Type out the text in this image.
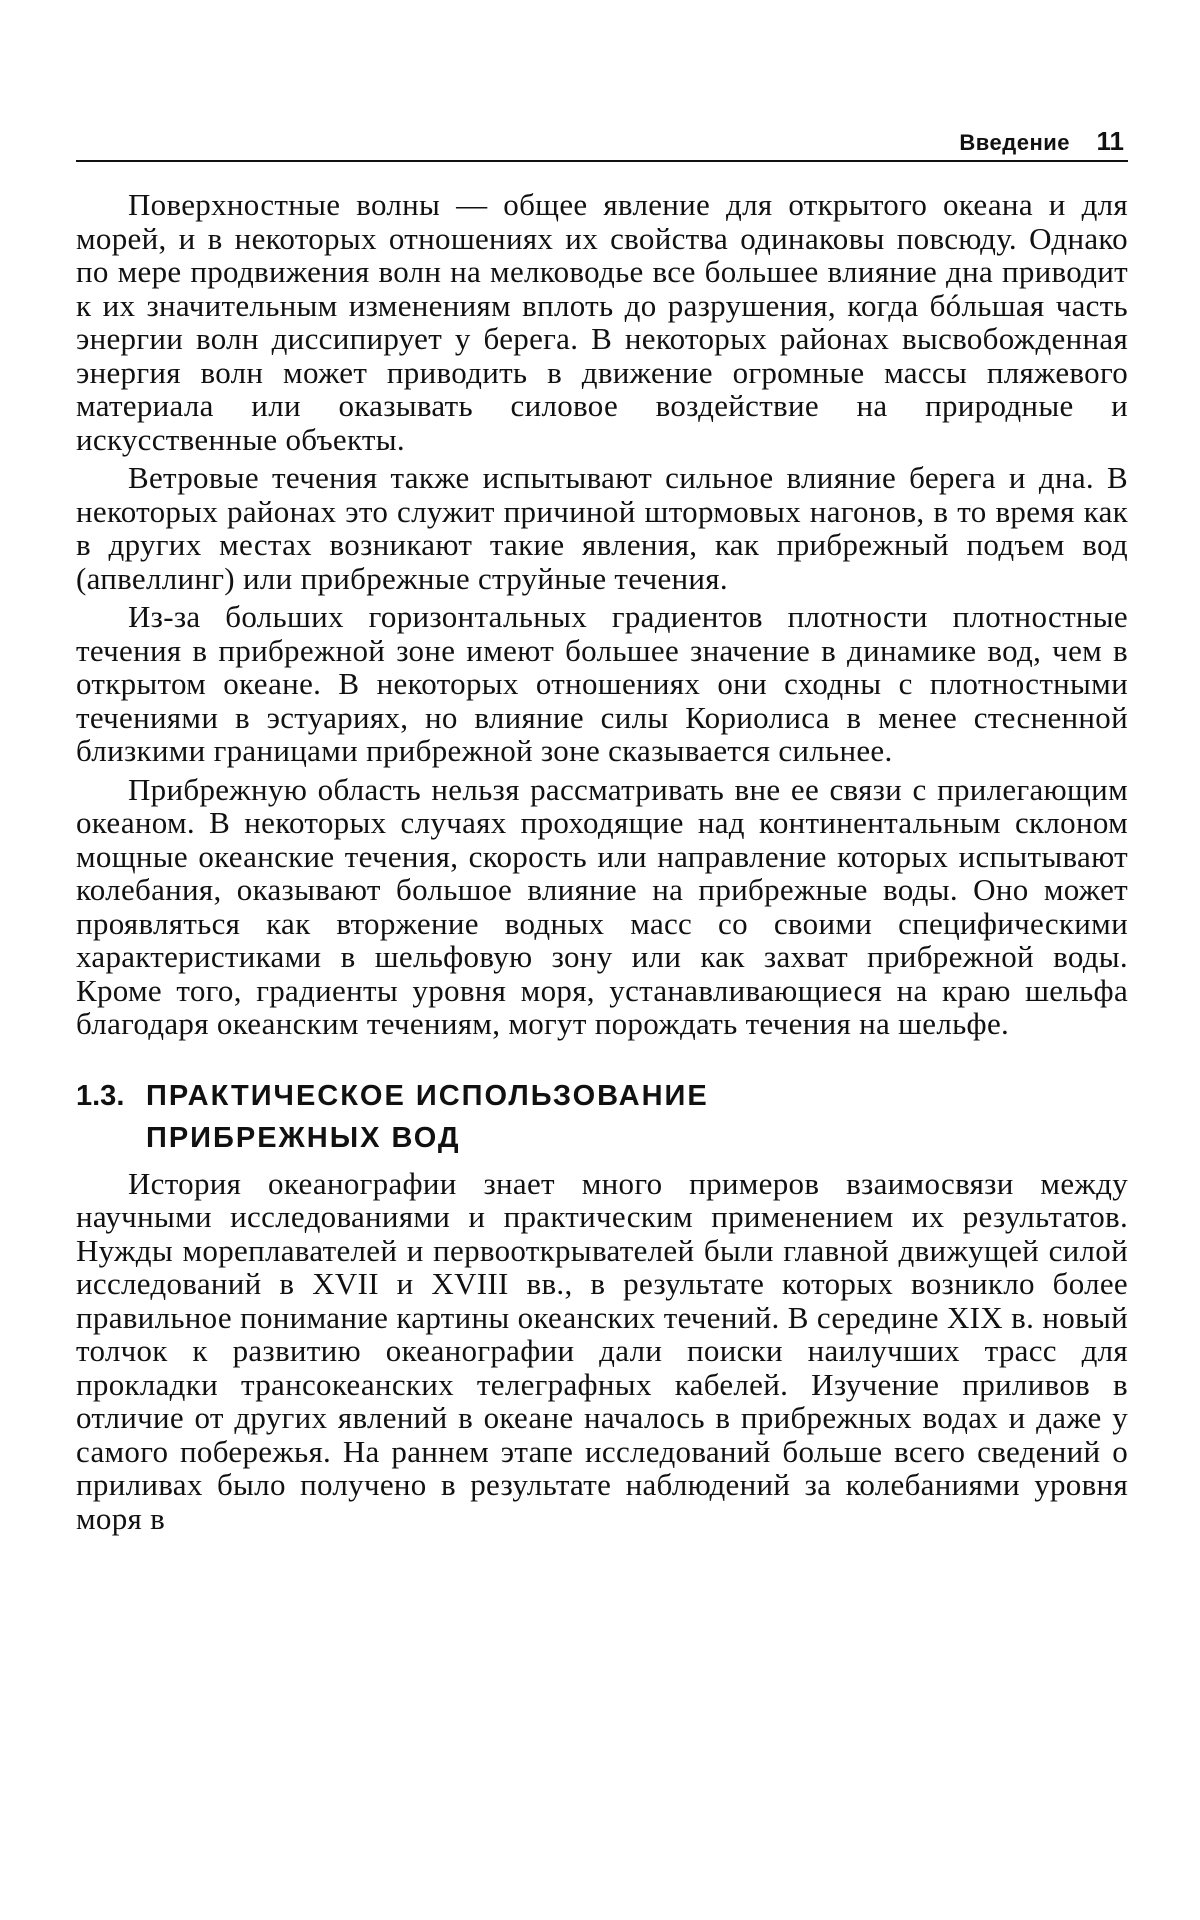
Введение 11

Поверхностные волны — общее явление для открытого океана и для морей, и в некоторых отношениях их свойства одинаковы повсюду. Однако по мере продвижения волн на мелководье все большее влияние дна приводит к их значительным изменениям вплоть до разрушения, когда бóльшая часть энергии волн диссипирует у берега. В некоторых районах высвобожденная энергия волн может приводить в движение огромные массы пляжевого материала или оказывать силовое воздействие на природные и искусственные объекты.

Ветровые течения также испытывают сильное влияние берега и дна. В некоторых районах это служит причиной штормовых нагонов, в то время как в других местах возникают такие явления, как прибрежный подъем вод (апвеллинг) или прибрежные струйные течения.

Из-за больших горизонтальных градиентов плотности плотностные течения в прибрежной зоне имеют большее значение в динамике вод, чем в открытом океане. В некоторых отношениях они сходны с плотностными течениями в эстуариях, но влияние силы Кориолиса в менее стесненной близкими границами прибрежной зоне сказывается сильнее.

Прибрежную область нельзя рассматривать вне ее связи с прилегающим океаном. В некоторых случаях проходящие над континентальным склоном мощные океанские течения, скорость или направление которых испытывают колебания, оказывают большое влияние на прибрежные воды. Оно может проявляться как вторжение водных масс со своими специфическими характеристиками в шельфовую зону или как захват прибрежной воды. Кроме того, градиенты уровня моря, устанавливающиеся на краю шельфа благодаря океанским течениям, могут порождать течения на шельфе.

1.3. ПРАКТИЧЕСКОЕ ИСПОЛЬЗОВАНИЕ
ПРИБРЕЖНЫХ ВОД

История океанографии знает много примеров взаимосвязи между научными исследованиями и практическим применением их результатов. Нужды мореплавателей и первооткрывателей были главной движущей силой исследований в XVII и XVIII вв., в результате которых возникло более правильное понимание картины океанских течений. В середине XIX в. новый толчок к развитию океанографии дали поиски наилучших трасс для прокладки трансокеанских телеграфных кабелей. Изучение приливов в отличие от других явлений в океане началось в прибрежных водах и даже у самого побережья. На раннем этапе исследований больше всего сведений о приливах было получено в результате наблюдений за колебаниями уровня моря в
